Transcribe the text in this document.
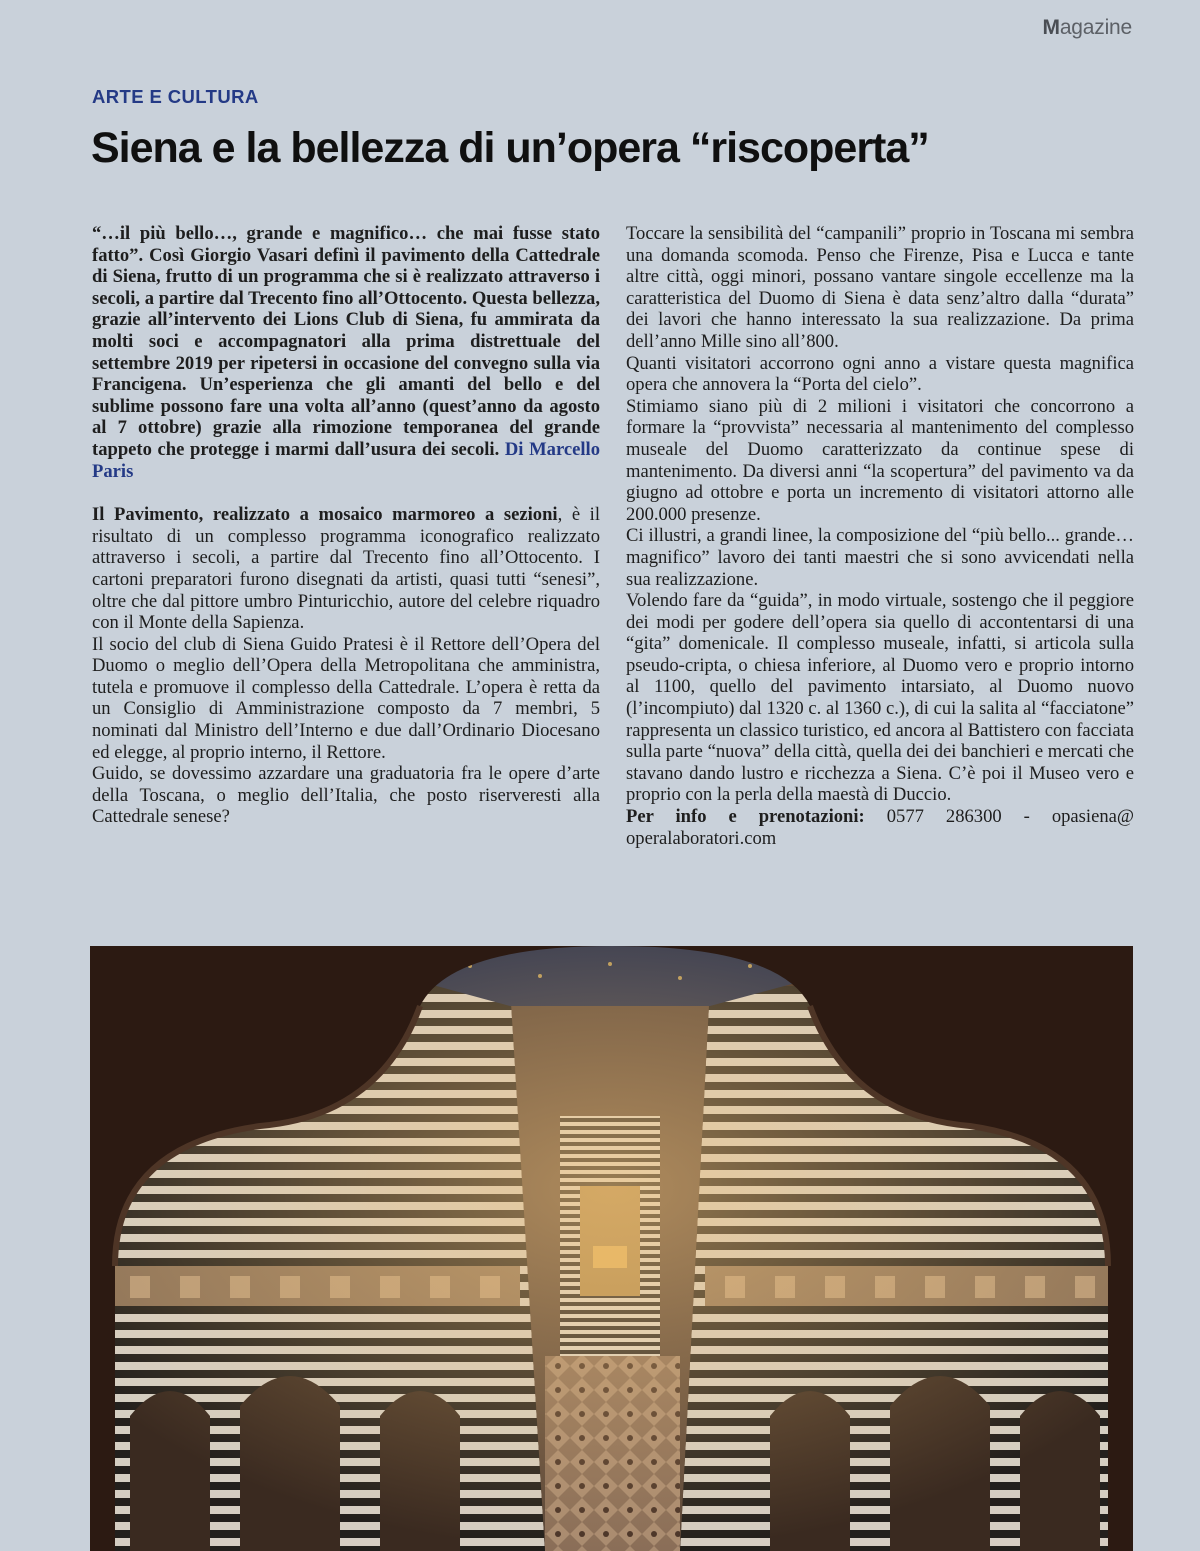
Magazine
ARTE E CULTURA
Siena e la bellezza di un’opera “riscoperta”

“…il più bello…, grande e magnifico… che mai fusse stato fatto”. Così Giorgio Vasari definì il pavimento della Cattedrale di Siena, frutto di un programma che si è realizzato attraverso i secoli, a partire dal Trecento fino all’Ottocento. Questa bellezza, grazie all’intervento dei Lions Club di Siena, fu ammirata da molti soci e accompagnatori alla prima distrettuale del settembre 2019 per ripetersi in occasione del convegno sulla via Francigena. Un’esperienza che gli amanti del bello e del sublime possono fare una volta all’anno (quest’anno da agosto al 7 ottobre) grazie alla rimozione temporanea del grande tappeto che protegge i marmi dall’usura dei secoli. Di Marcello Paris

Il Pavimento, realizzato a mosaico marmoreo a sezioni, è il risultato di un complesso programma iconografico realizzato attraverso i secoli, a partire dal Trecento fino all’Ottocento. I cartoni preparatori furono disegnati da artisti, quasi tutti “senesi”, oltre che dal pittore umbro Pinturicchio, autore del celebre riquadro con il Monte della Sapienza.

Il socio del club di Siena Guido Pratesi è il Rettore dell’Opera del Duomo o meglio dell’Opera della Metropolitana che amministra, tutela e promuove il complesso della Cattedrale. L’opera è retta da un Consiglio di Amministrazione composto da 7 membri, 5 nominati dal Ministro dell’Interno e due dall’Ordinario Diocesano ed elegge, al proprio interno, il Rettore.

Guido, se dovessimo azzardare una graduatoria fra le opere d’arte della Toscana, o meglio dell’Italia, che posto riserveresti alla Cattedrale senese?

Toccare la sensibilità del “campanili” proprio in Toscana mi sembra una domanda scomoda. Penso che Firenze, Pisa e Lucca e tante altre città, oggi minori, possano vantare singole eccellenze ma la caratteristica del Duomo di Siena è data senz’altro dalla “durata” dei lavori che hanno interessato la sua realizzazione. Da prima dell’anno Mille sino all’800.

Quanti visitatori accorrono ogni anno a vistare questa magnifica opera che annovera la “Porta del cielo”.

Stimiamo siano più di 2 milioni i visitatori che concorrono a formare la “provvista” necessaria al mantenimento del complesso museale del Duomo caratterizzato da continue spese di mantenimento. Da diversi anni “la scopertura” del pavimento va da giugno ad ottobre e porta un incremento di visitatori attorno alle 200.000 presenze.

Ci illustri, a grandi linee, la composizione del “più bello... grande… magnifico” lavoro dei tanti maestri che si sono avvicendati nella sua realizzazione.

Volendo fare da “guida”, in modo virtuale, sostengo che il peggiore dei modi per godere dell’opera sia quello di accontentarsi di una “gita” domenicale. Il complesso museale, infatti, si articola sulla pseudo-cripta, o chiesa inferiore, al Duomo vero e proprio intorno al 1100, quello del pavimento intarsiato, al Duomo nuovo (l’incompiuto) dal 1320 c. al 1360 c.), di cui la salita al “facciatone” rappresenta un classico turistico, ed ancora al Battistero con facciata sulla parte “nuova” della città, quella dei dei banchieri e mercati che stavano dando lustro e ricchezza a Siena. C’è poi il Museo vero e proprio con la perla della maestà di Duccio.

Per info e prenotazioni: 0577 286300 - opasiena@ operalaboratori.com
